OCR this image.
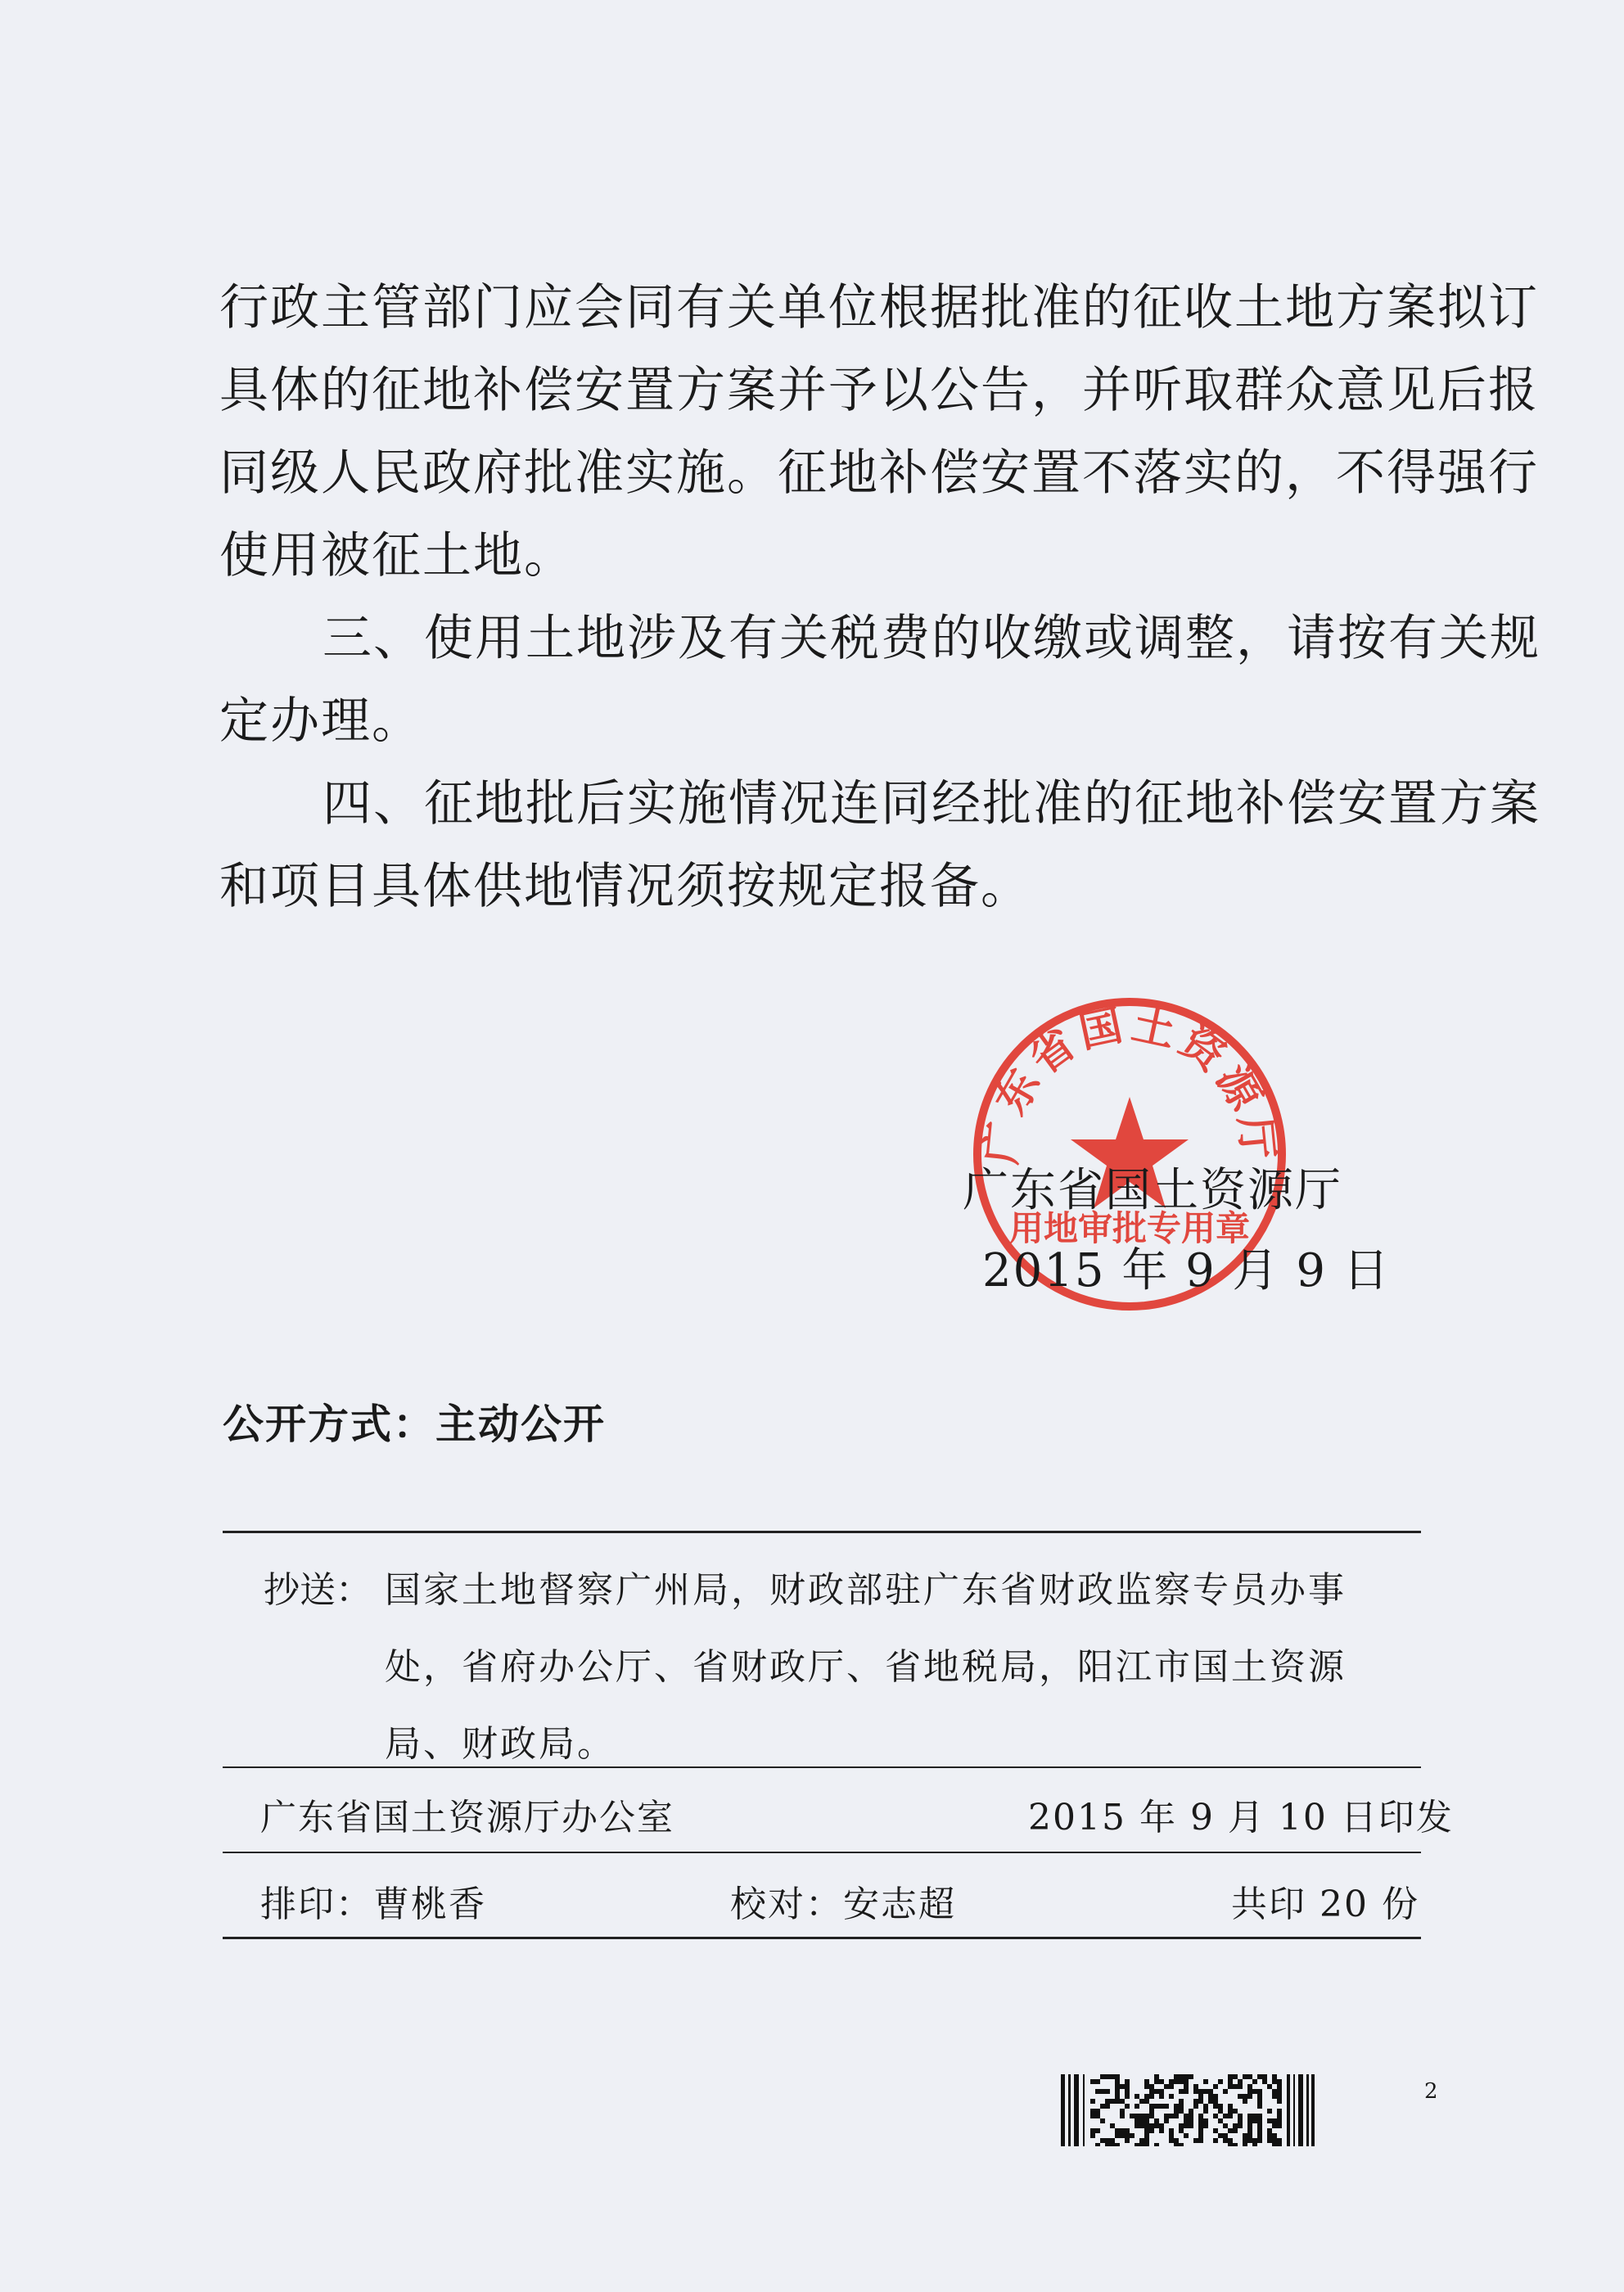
行政主管部门应会同有关单位根据批准的征收土地方案拟订
具体的征地补偿安置方案并予以公告，并听取群众意见后报
同级人民政府批准实施。征地补偿安置不落实的，不得强行
使用被征土地。
三、使用土地涉及有关税费的收缴或调整，请按有关规
定办理。
四、征地批后实施情况连同经批准的征地补偿安置方案
和项目具体供地情况须按规定报备。
广东省国土资源厅
用地审批专用章
广东省国土资源厅
2015 年 9 月 9 日
公开方式：主动公开
抄送： 国家土地督察广州局，财政部驻广东省财政监察专员办事
处，省府办公厅、省财政厅、省地税局，阳江市国土资源
局、财政局。
广东省国土资源厅办公室	2015 年 9 月 10 日印发
排印：曹桃香	校对：安志超	共印 20 份
2
